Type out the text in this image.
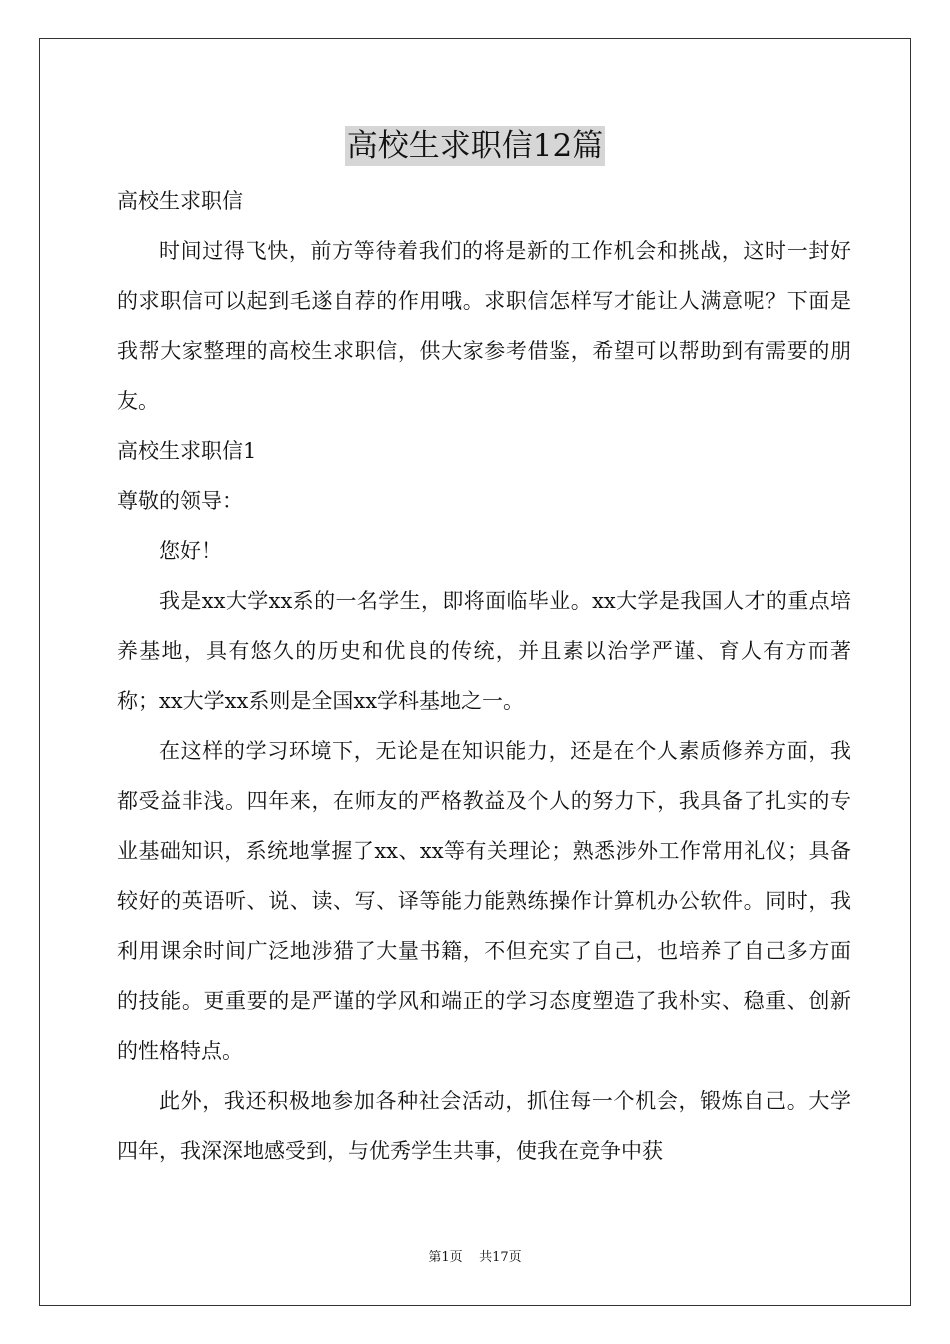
高校生求职信12篇

高校生求职信

时间过得飞快，前方等待着我们的将是新的工作机会和挑战，这时一封好的求职信可以起到毛遂自荐的作用哦。求职信怎样写才能让人满意呢？下面是我帮大家整理的高校生求职信，供大家参考借鉴，希望可以帮助到有需要的朋友。

高校生求职信1

尊敬的领导：

您好！

我是xx大学xx系的一名学生，即将面临毕业。xx大学是我国人才的重点培养基地，具有悠久的历史和优良的传统，并且素以治学严谨、育人有方而著称；xx大学xx系则是全国xx学科基地之一。

在这样的学习环境下，无论是在知识能力，还是在个人素质修养方面，我都受益非浅。四年来，在师友的严格教益及个人的努力下，我具备了扎实的专业基础知识，系统地掌握了xx、xx等有关理论；熟悉涉外工作常用礼仪；具备较好的英语听、说、读、写、译等能力能熟练操作计算机办公软件。同时，我利用课余时间广泛地涉猎了大量书籍，不但充实了自己，也培养了自己多方面的技能。更重要的是严谨的学风和端正的学习态度塑造了我朴实、稳重、创新的性格特点。

此外，我还积极地参加各种社会活动，抓住每一个机会，锻炼自己。大学四年，我深深地感受到，与优秀学生共事，使我在竞争中获

第1页 共17页
